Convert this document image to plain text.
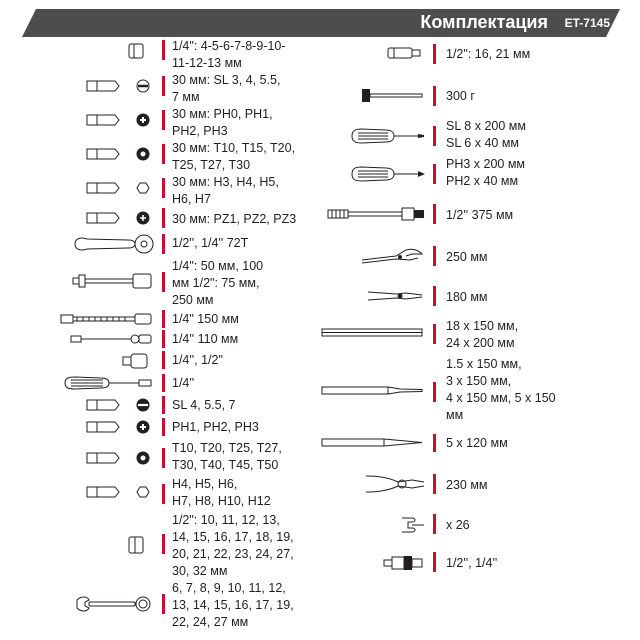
Комплектация ET-7145
1/4": 4-5-6-7-8-9-10-
11-12-13 мм
30 мм: SL 3, 4, 5.5,
7 мм
30 мм: PH0, PH1,
PH2, PH3
30 мм: T10, T15, T20,
T25, T27, T30
30 мм: H3, H4, H5,
H6, H7
30 мм: PZ1, PZ2, PZ3
1/2'', 1/4'' 72T
1/4": 50 мм, 100
мм 1/2": 75 мм,
250 мм
1/4" 150 мм
1/4'' 110 мм
1/4'', 1/2"
1/4''
SL 4, 5.5, 7
PH1, PH2, PH3
T10, T20, T25, T27,
T30, T40, T45, T50
H4, H5, H6,
H7, H8, H10, H12
1/2": 10, 11, 12, 13,
14, 15, 16, 17, 18, 19,
20, 21, 22, 23, 24, 27,
30, 32 мм
6, 7, 8, 9, 10, 11, 12,
13, 14, 15, 16, 17, 19,
22, 24, 27 мм
1/2": 16, 21 мм
300 г
SL 8 x 200 мм
SL 6 x 40 мм
PH3 x 200 мм
PH2 x 40 мм
1/2'' 375 мм
250 мм
180 мм
18 x 150 мм,
24 x 200 мм
1.5 x 150 мм,
3 x 150 мм,
4 x 150 мм, 5 x 150
мм
5 x 120 мм
230 мм
x 26
1/2'', 1/4''
